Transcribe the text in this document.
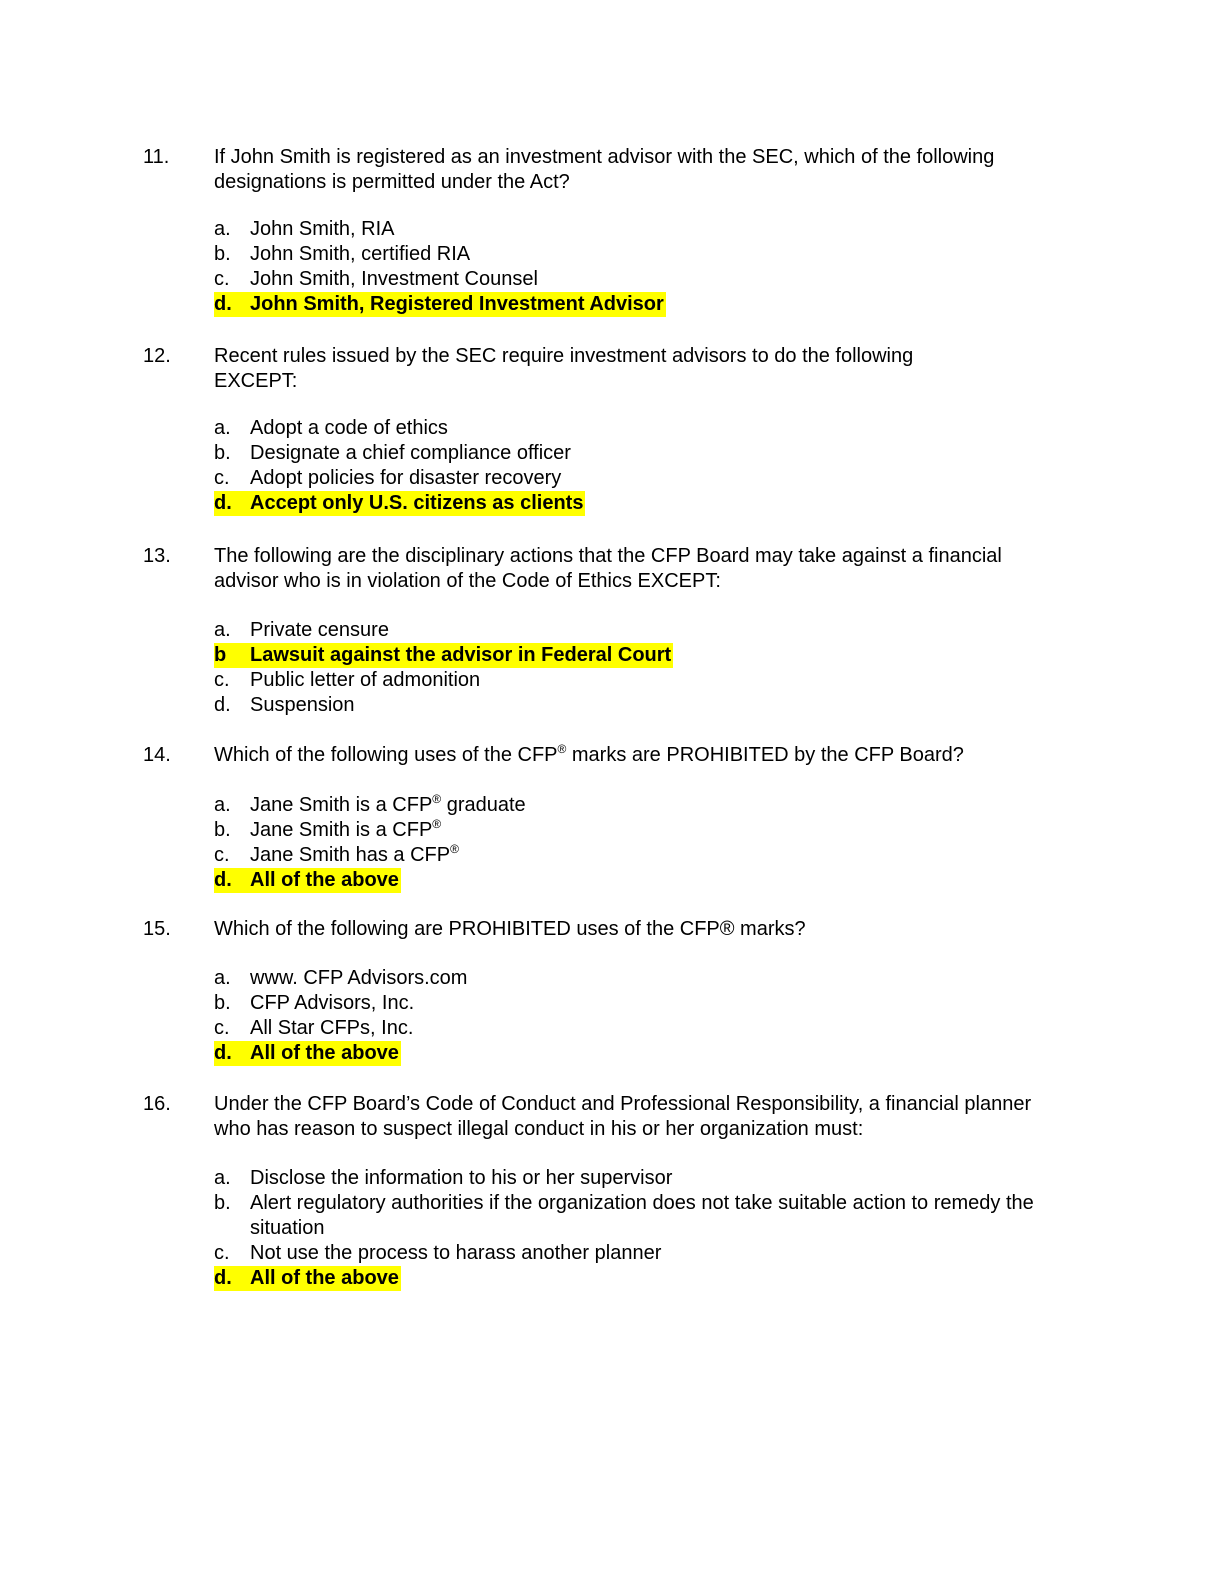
11. If John Smith is registered as an investment advisor with the SEC, which of the following designations is permitted under the Act?
a. John Smith, RIA
b. John Smith, certified RIA
c. John Smith, Investment Counsel
d. John Smith, Registered Investment Advisor
12. Recent rules issued by the SEC require investment advisors to do the following EXCEPT:
a. Adopt a code of ethics
b. Designate a chief compliance officer
c. Adopt policies for disaster recovery
d. Accept only U.S. citizens as clients
13. The following are the disciplinary actions that the CFP Board may take against a financial advisor who is in violation of the Code of Ethics EXCEPT:
a. Private censure
b Lawsuit against the advisor in Federal Court
c. Public letter of admonition
d. Suspension
14. Which of the following uses of the CFP® marks are PROHIBITED by the CFP Board?
a. Jane Smith is a CFP® graduate
b. Jane Smith is a CFP®
c. Jane Smith has a CFP®
d. All of the above
15. Which of the following are PROHIBITED uses of the CFP® marks?
a. www. CFP Advisors.com
b. CFP Advisors, Inc.
c. All Star CFPs, Inc.
d. All of the above
16. Under the CFP Board’s Code of Conduct and Professional Responsibility, a financial planner who has reason to suspect illegal conduct in his or her organization must:
a. Disclose the information to his or her supervisor
b. Alert regulatory authorities if the organization does not take suitable action to remedy the situation
c. Not use the process to harass another planner
d. All of the above
